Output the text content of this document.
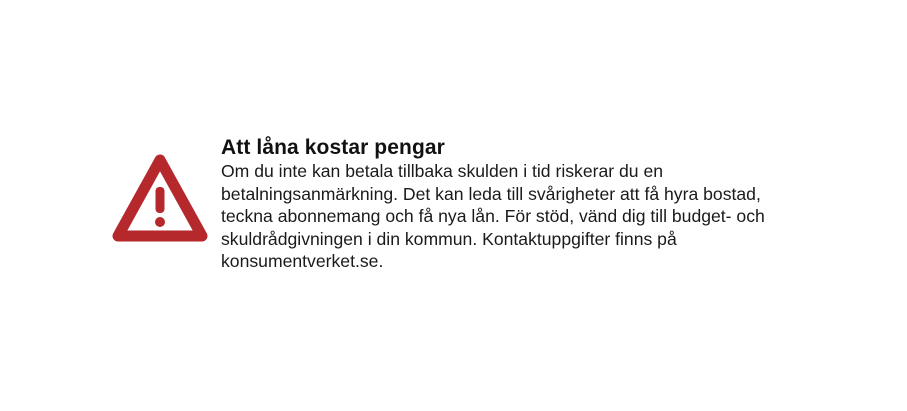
Att låna kostar pengar

Om du inte kan betala tillbaka skulden i tid riskerar du en
betalningsanmärkning. Det kan leda till svårigheter att få hyra bostad,
teckna abonnemang och få nya lån. För stöd, vänd dig till budget- och
skuldrådgivningen i din kommun. Kontaktuppgifter finns på
konsumentverket.se.
